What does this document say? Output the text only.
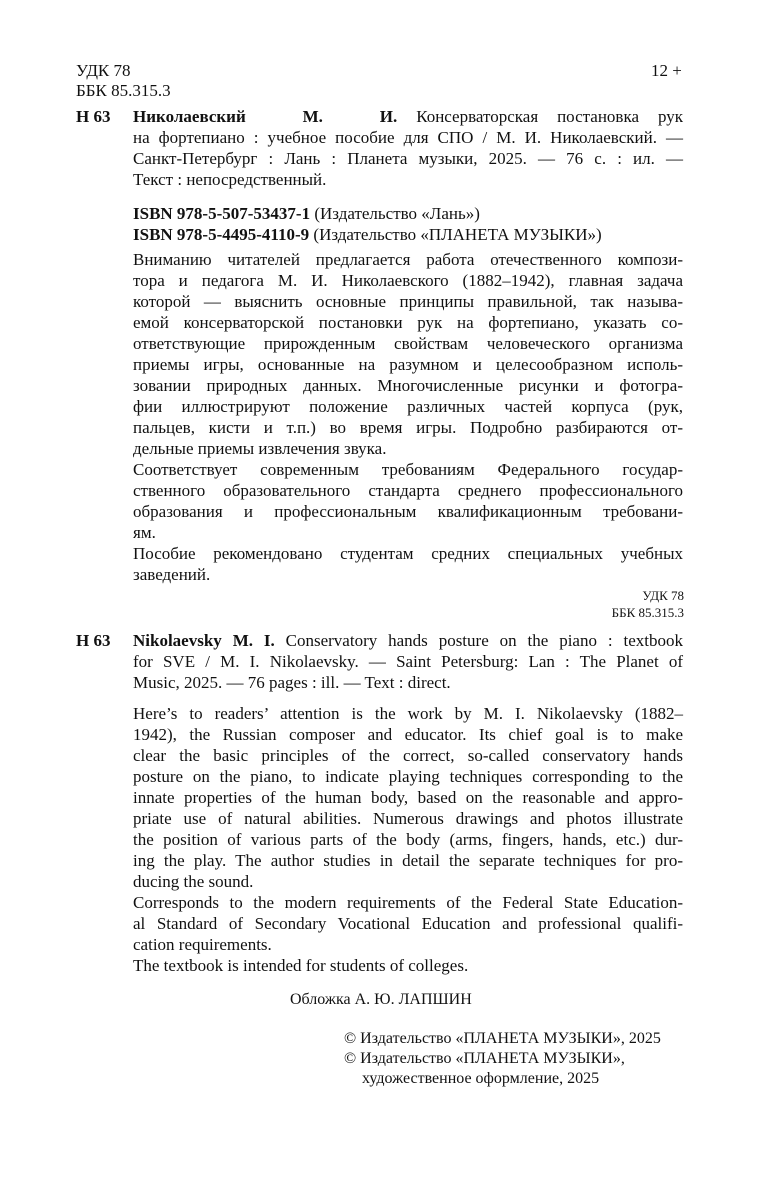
УДК 78
ББК 85.315.3
12 +
Н 63 Николаевский   М.   И. Консерваторская постановка рук
на фортепиано : учебное пособие для СПО / М. И. Николаевский. —
Санкт-Петербург : Лань : Планета музыки, 2025. — 76 с. : ил. —
Текст : непосредственный.
ISBN 978-5-507-53437-1 (Издательство «Лань»)
ISBN 978-5-4495-4110-9 (Издательство «ПЛАНЕТА МУЗЫКИ»)
Вниманию читателей предлагается работа отечественного компози-
тора и педагога М. И. Николаевского (1882–1942), главная задача
которой — выяснить основные принципы правильной, так называ-
емой консерваторской постановки рук на фортепиано, указать со-
ответствующие прирожденным свойствам человеческого организма
приемы игры, основанные на разумном и целесообразном исполь-
зовании природных данных. Многочисленные рисунки и фотогра-
фии иллюстрируют положение различных частей корпуса (рук,
пальцев, кисти и т.п.) во время игры. Подробно разбираются от-
дельные приемы извлечения звука.
Соответствует современным требованиям Федерального государ-
ственного образовательного стандарта среднего профессионального
образования и профессиональным квалификационным требовани-
ям.
Пособие рекомендовано студентам средних специальных учебных
заведений.
УДК 78
ББК 85.315.3
Н 63 Nikolaevsky M. I. Conservatory hands posture on the piano : textbook
for SVE / M. I. Nikolaevsky. — Saint Petersburg: Lan : The Planet of
Music, 2025. — 76 pages : ill. — Text : direct.
Here’s to readers’ attention is the work by M. I. Nikolaevsky (1882–
1942), the Russian composer and educator. Its chief goal is to make
clear the basic principles of the correct, so-called conservatory hands
posture on the piano, to indicate playing techniques corresponding to the
innate properties of the human body, based on the reasonable and appro-
priate use of natural abilities. Numerous drawings and photos illustrate
the position of various parts of the body (arms, fingers, hands, etc.) dur-
ing the play. The author studies in detail the separate techniques for pro-
ducing the sound.
Corresponds to the modern requirements of the Federal State Education-
al Standard of Secondary Vocational Education and professional qualifi-
cation requirements.
The textbook is intended for students of colleges.
Обложка А. Ю. ЛАПШИН
© Издательство «ПЛАНЕТА МУЗЫКИ», 2025
© Издательство «ПЛАНЕТА МУЗЫКИ»,
художественное оформление, 2025
